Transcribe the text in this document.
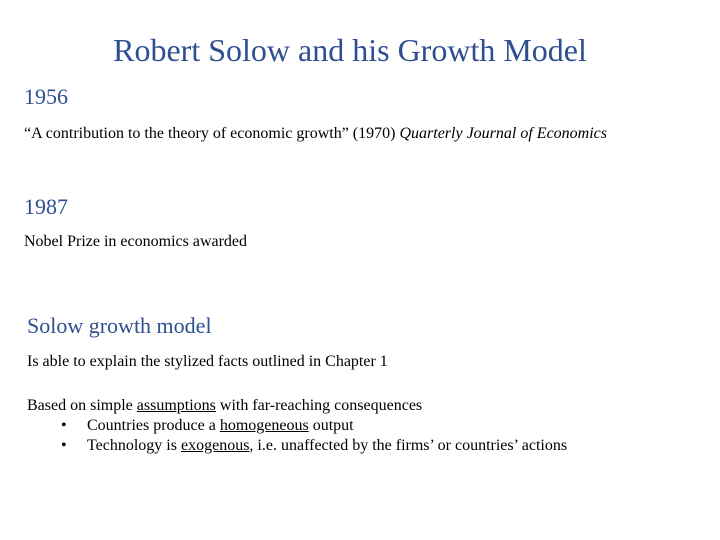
Robert Solow and his Growth Model
1956
“A contribution to the theory of economic growth” (1970) Quarterly Journal of Economics
1987
Nobel Prize in economics awarded
Solow growth model
Is able to explain the stylized facts outlined in Chapter 1
Based on simple assumptions with far-reaching consequences
• Countries produce a homogeneous output
• Technology is exogenous, i.e. unaffected by the firms’ or countries’ actions
